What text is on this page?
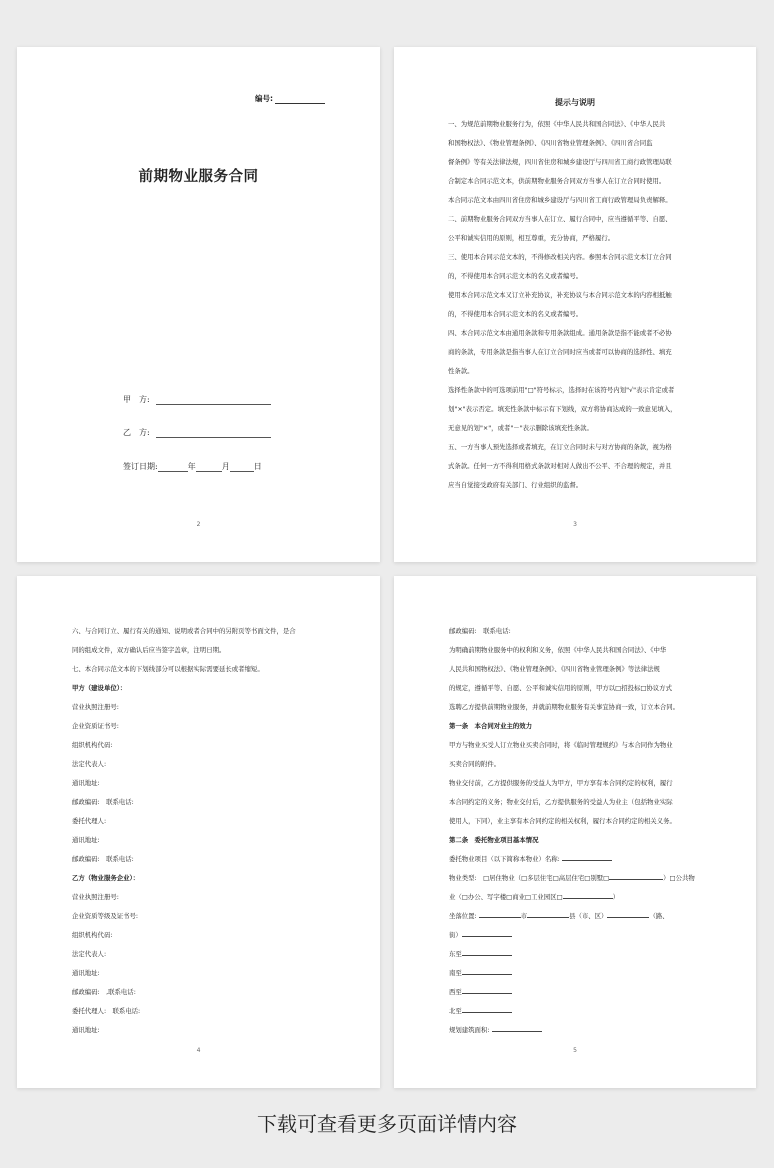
编号:
前期物业服务合同
甲　方:
乙　方:
签订日期:	年	月	日
2
提示与说明

一、为规范前期物业服务行为，依照《中华人民共和国合同法》、《中华人民共

和国物权法》、《物业管理条例》、《四川省物业管理条例》、《四川省合同监

督条例》等有关法律法规，四川省住房和城乡建设厅与四川省工商行政管理局联

合制定本合同示范文本，供前期物业服务合同双方当事人在订立合同时使用。

本合同示范文本由四川省住房和城乡建设厅与四川省工商行政管理局负责解释。

二、前期物业服务合同双方当事人在订立、履行合同中，应当遵循平等、自愿、

公平和诚实信用的原则，相互尊重，充分协商，严格履行。

三、使用本合同示范文本的，不得修改相关内容。参照本合同示范文本订立合同

的，不得使用本合同示范文本的名义或者编号。

使用本合同示范文本又订立补充协议，补充协议与本合同示范文本的内容相抵触

的，不得使用本合同示范文本的名义或者编号。

四、本合同示范文本由通用条款和专用条款组成。通用条款是指不能或者不必协

商的条款，专用条款是指当事人在订立合同时应当或者可以协商的选择性、填充

性条款。

选择性条款中的可选项前用"□"符号标示，选择时在该符号内划"√"表示肯定或者

划"×"表示否定。填充性条款中标示有下划线，双方将协商达成的一致意见填入，

无意见的划"×"，或者"－"表示删除该填充性条款。

五、一方当事人预先选择或者填充，在订立合同时未与对方协商的条款，视为格

式条款。任何一方不得利用格式条款对相对人做出不公平、不合理的规定，并且

应当自觉接受政府有关部门、行业组织的监督。

3

六、与合同订立、履行有关的通知、说明或者合同中的另附页等书面文件，是合

同的组成文件，双方确认后应当签字盖章，注明日期。

七、本合同示范文本的下划线部分可以根据实际需要延长或者缩短。

甲方（建设单位）：

营业执照注册号:

企业资质证书号:

组织机构代码:

法定代表人:

通讯地址:

邮政编码:　联系电话:

委托代理人:

通讯地址:

邮政编码:　联系电话:

乙方（物业服务企业）：

营业执照注册号:

企业资质等级及证书号:

组织机构代码:

法定代表人:

通讯地址:

邮政编码:　,联系电话:

委托代理人:　联系电话:

通讯地址:

4

邮政编码:　联系电话:

为明确前期物业服务中的权利和义务，依照《中华人民共和国合同法》、《中华

人民共和国物权法》、《物业管理条例》、《四川省物业管理条例》等法律法规

的规定，遵循平等、自愿、公平和诚实信用的原则，甲方以□招投标□协议方式

选聘乙方提供前期物业服务，并就前期物业服务有关事宜协商一致，订立本合同。

第一条　本合同对业主的效力

甲方与物业买受人订立物业买卖合同时，将《临时管理规约》与本合同作为物业

买卖合同的附件。

物业交付前，乙方提供服务的受益人为甲方，甲方享有本合同约定的权利，履行

本合同约定的义务；物业交付后，乙方提供服务的受益人为业主（包括物业实际

使用人，下同），业主享有本合同约定的相关权利，履行本合同约定的相关义务。

第二条　委托物业项目基本情况

委托物业项目（以下简称本物业）名称:

物业类型:　□居住物业（□多层住宅□高层住宅□别墅□	）□公共物

业（□办公、写字楼□商业□工业园区□	）

坐落位置:	市	县（市、区）	（路、

街）

东至

南至

西至

北至

规划建筑面积:

5
下载可查看更多页面详情内容
